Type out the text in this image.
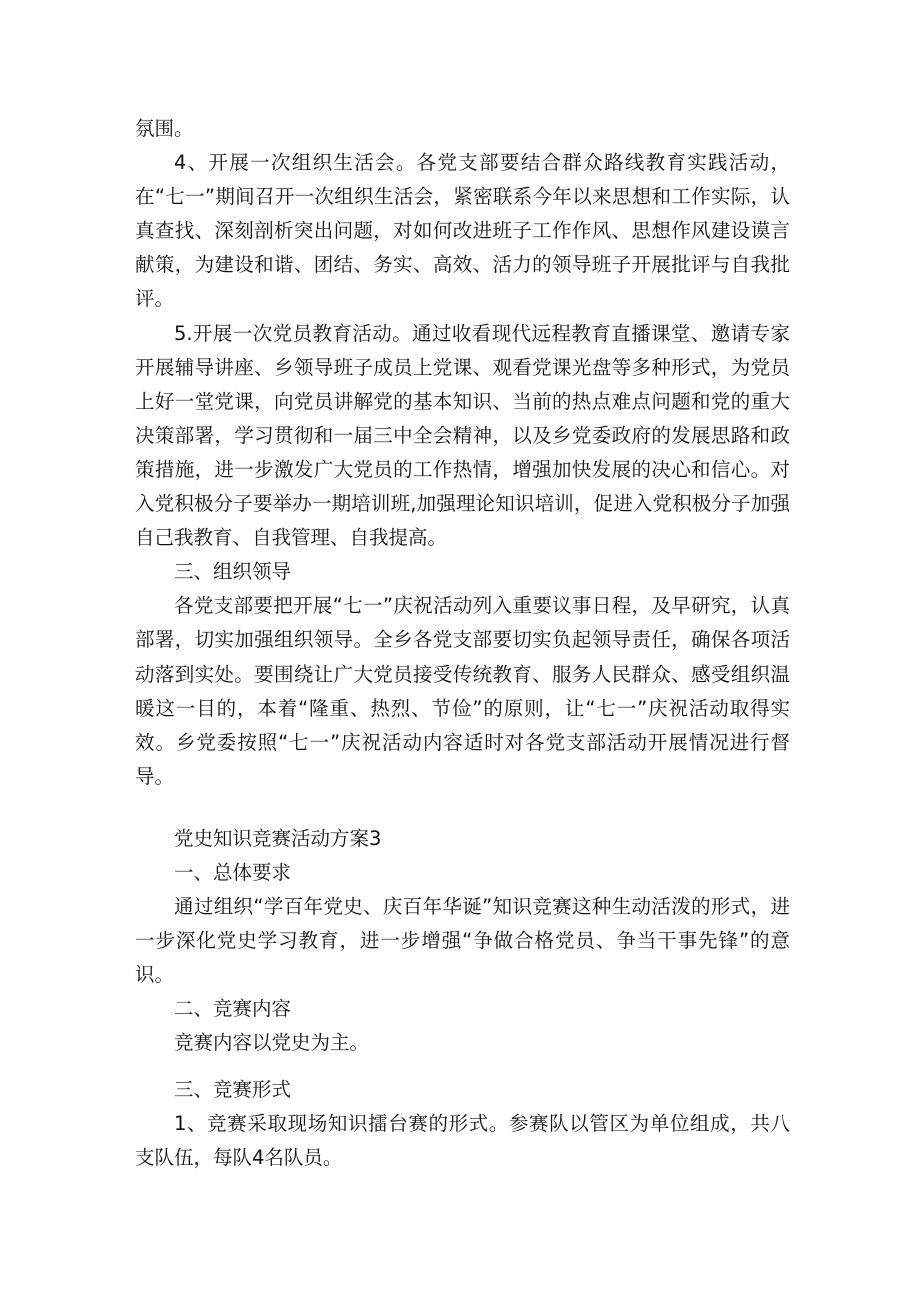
氛围。

4、开展一次组织生活会。各党支部要结合群众路线教育实践活动，在“七一”期间召开一次组织生活会，紧密联系今年以来思想和工作实际，认真查找、深刻剖析突出问题，对如何改进班子工作作风、思想作风建设谟言献策，为建设和谐、团结、务实、高效、活力的领导班子开展批评与自我批评。

5.开展一次党员教育活动。通过收看现代远程教育直播课堂、邀请专家开展辅导讲座、乡领导班子成员上党课、观看党课光盘等多种形式，为党员上好一堂党课，向党员讲解党的基本知识、当前的热点难点问题和党的重大决策部署，学习贯彻和一届三中全会精神，以及乡党委政府的发展思路和政策措施，进一步激发广大党员的工作热情，增强加快发展的决心和信心。对入党积极分子要举办一期培训班,加强理论知识培训，促进入党积极分子加强自己我教育、自我管理、自我提高。

三、组织领导

各党支部要把开展“七一”庆祝活动列入重要议事日程，及早研究，认真部署，切实加强组织领导。全乡各党支部要切实负起领导责任，确保各项活动落到实处。要围绕让广大党员接受传统教育、服务人民群众、感受组织温暖这一目的，本着“隆重、热烈、节俭”的原则，让“七一”庆祝活动取得实效。乡党委按照“七一”庆祝活动内容适时对各党支部活动开展情况进行督导。

党史知识竞赛活动方案3

一、总体要求

通过组织“学百年党史、庆百年华诞”知识竞赛这种生动活泼的形式，进一步深化党史学习教育，进一步增强“争做合格党员、争当干事先锋”的意识。

二、竞赛内容

竞赛内容以党史为主。

三、竞赛形式

1、竞赛采取现场知识擂台赛的形式。参赛队以管区为单位组成，共八支队伍，每队4名队员。
